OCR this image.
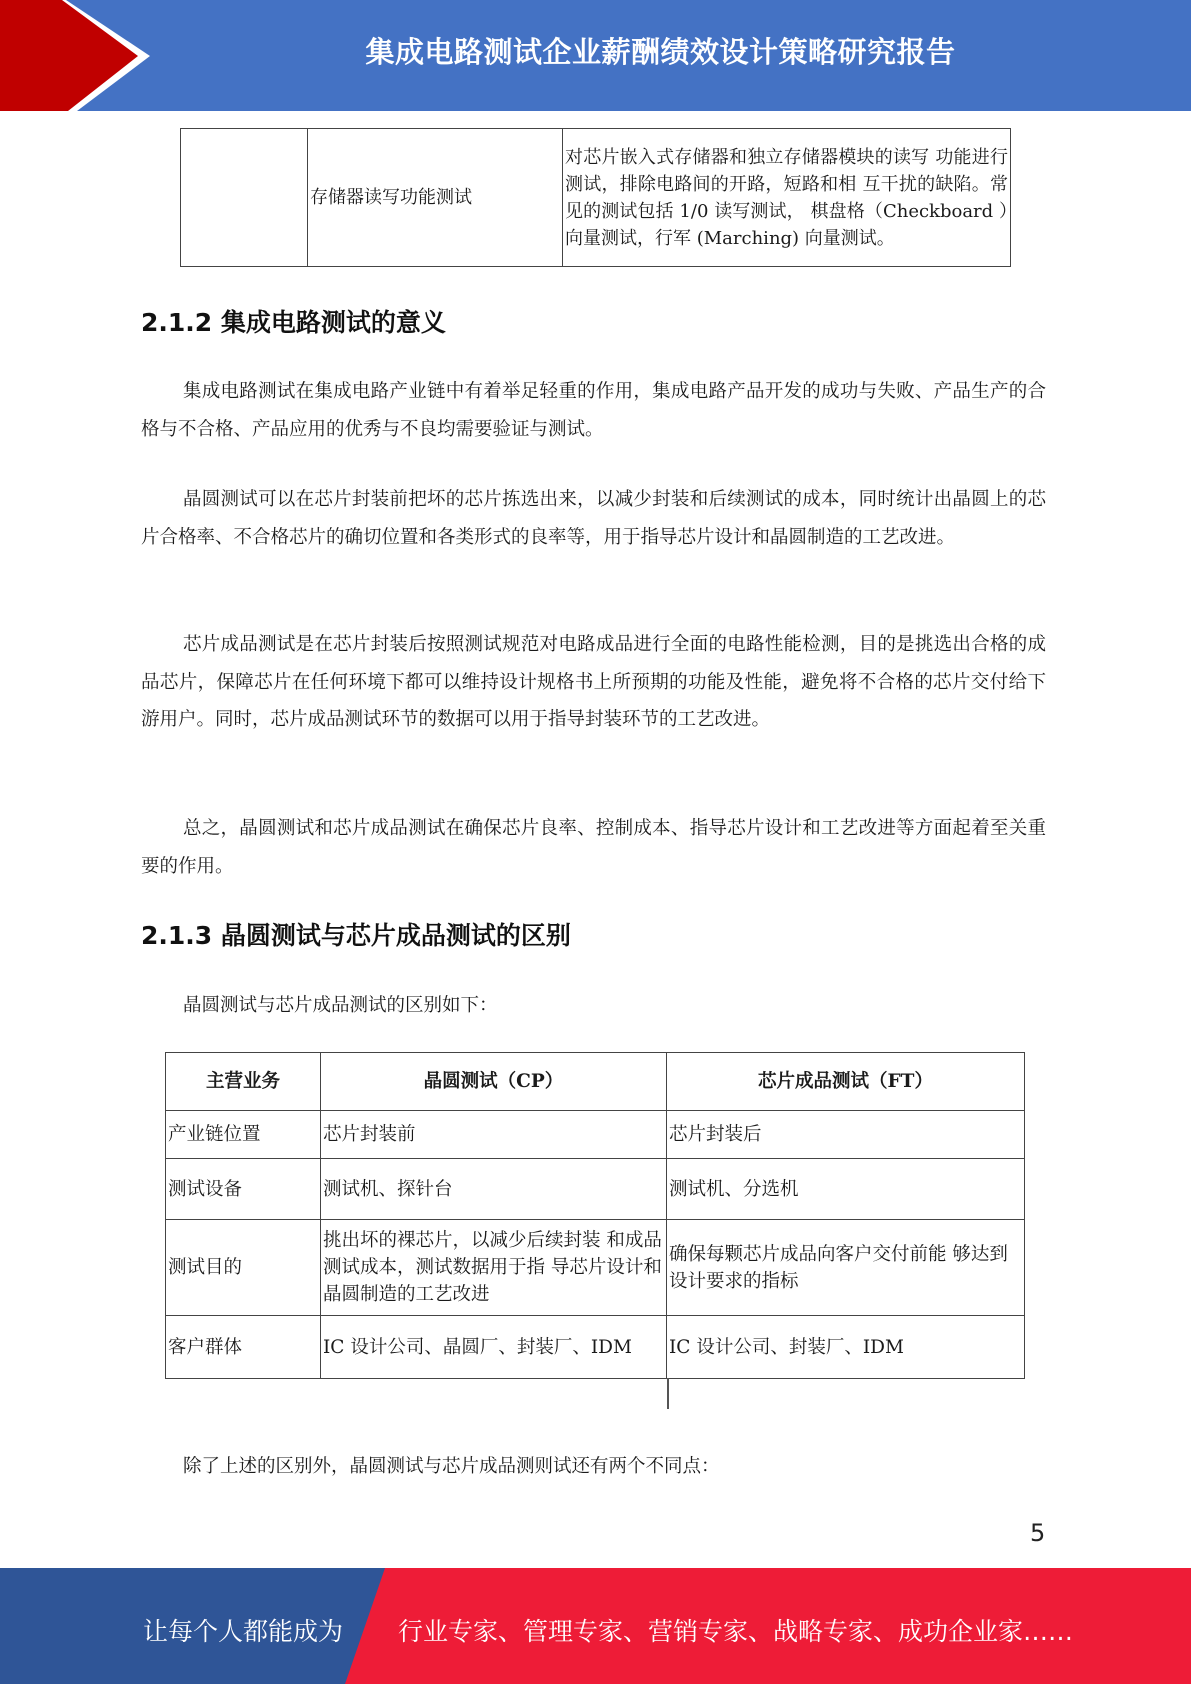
集成电路测试企业薪酬绩效设计策略研究报告
	存储器读写功能测试	对芯片嵌入式存储器和独立存储器模块的读写 功能进行测试，排除电路间的开路，短路和相 互干扰的缺陷。常见的测试包括 1/0 读写测试， 棋盘格（Checkboard ）向量测试，行军 (Marching) 向量测试。
2.1.2 集成电路测试的意义
集成电路测试在集成电路产业链中有着举足轻重的作用，集成电路产品开发的成功与失败、产品生产的合格与不合格、产品应用的优秀与不良均需要验证与测试。
晶圆测试可以在芯片封装前把坏的芯片拣选出来，以减少封装和后续测试的成本，同时统计出晶圆上的芯片合格率、不合格芯片的确切位置和各类形式的良率等，用于指导芯片设计和晶圆制造的工艺改进。
芯片成品测试是在芯片封装后按照测试规范对电路成品进行全面的电路性能检测，目的是挑选出合格的成品芯片，保障芯片在任何环境下都可以维持设计规格书上所预期的功能及性能，避免将不合格的芯片交付给下游用户。同时，芯片成品测试环节的数据可以用于指导封装环节的工艺改进。
总之，晶圆测试和芯片成品测试在确保芯片良率、控制成本、指导芯片设计和工艺改进等方面起着至关重要的作用。
2.1.3 晶圆测试与芯片成品测试的区别
晶圆测试与芯片成品测试的区别如下：
主营业务	晶圆测试（CP）	芯片成品测试（FT）
产业链位置	芯片封装前	芯片封装后
测试设备	测试机、探针台	测试机、分选机
测试目的	挑出坏的裸芯片，以减少后续封装 和成品测试成本，测试数据用于指 导芯片设计和晶圆制造的工艺改进	确保每颗芯片成品向客户交付前能 够达到设计要求的指标
客户群体	IC 设计公司、晶圆厂、封装厂、IDM	IC 设计公司、封装厂、IDM
除了上述的区别外，晶圆测试与芯片成品测则试还有两个不同点：
5
让每个人都能成为 行业专家、管理专家、营销专家、战略专家、成功企业家……
